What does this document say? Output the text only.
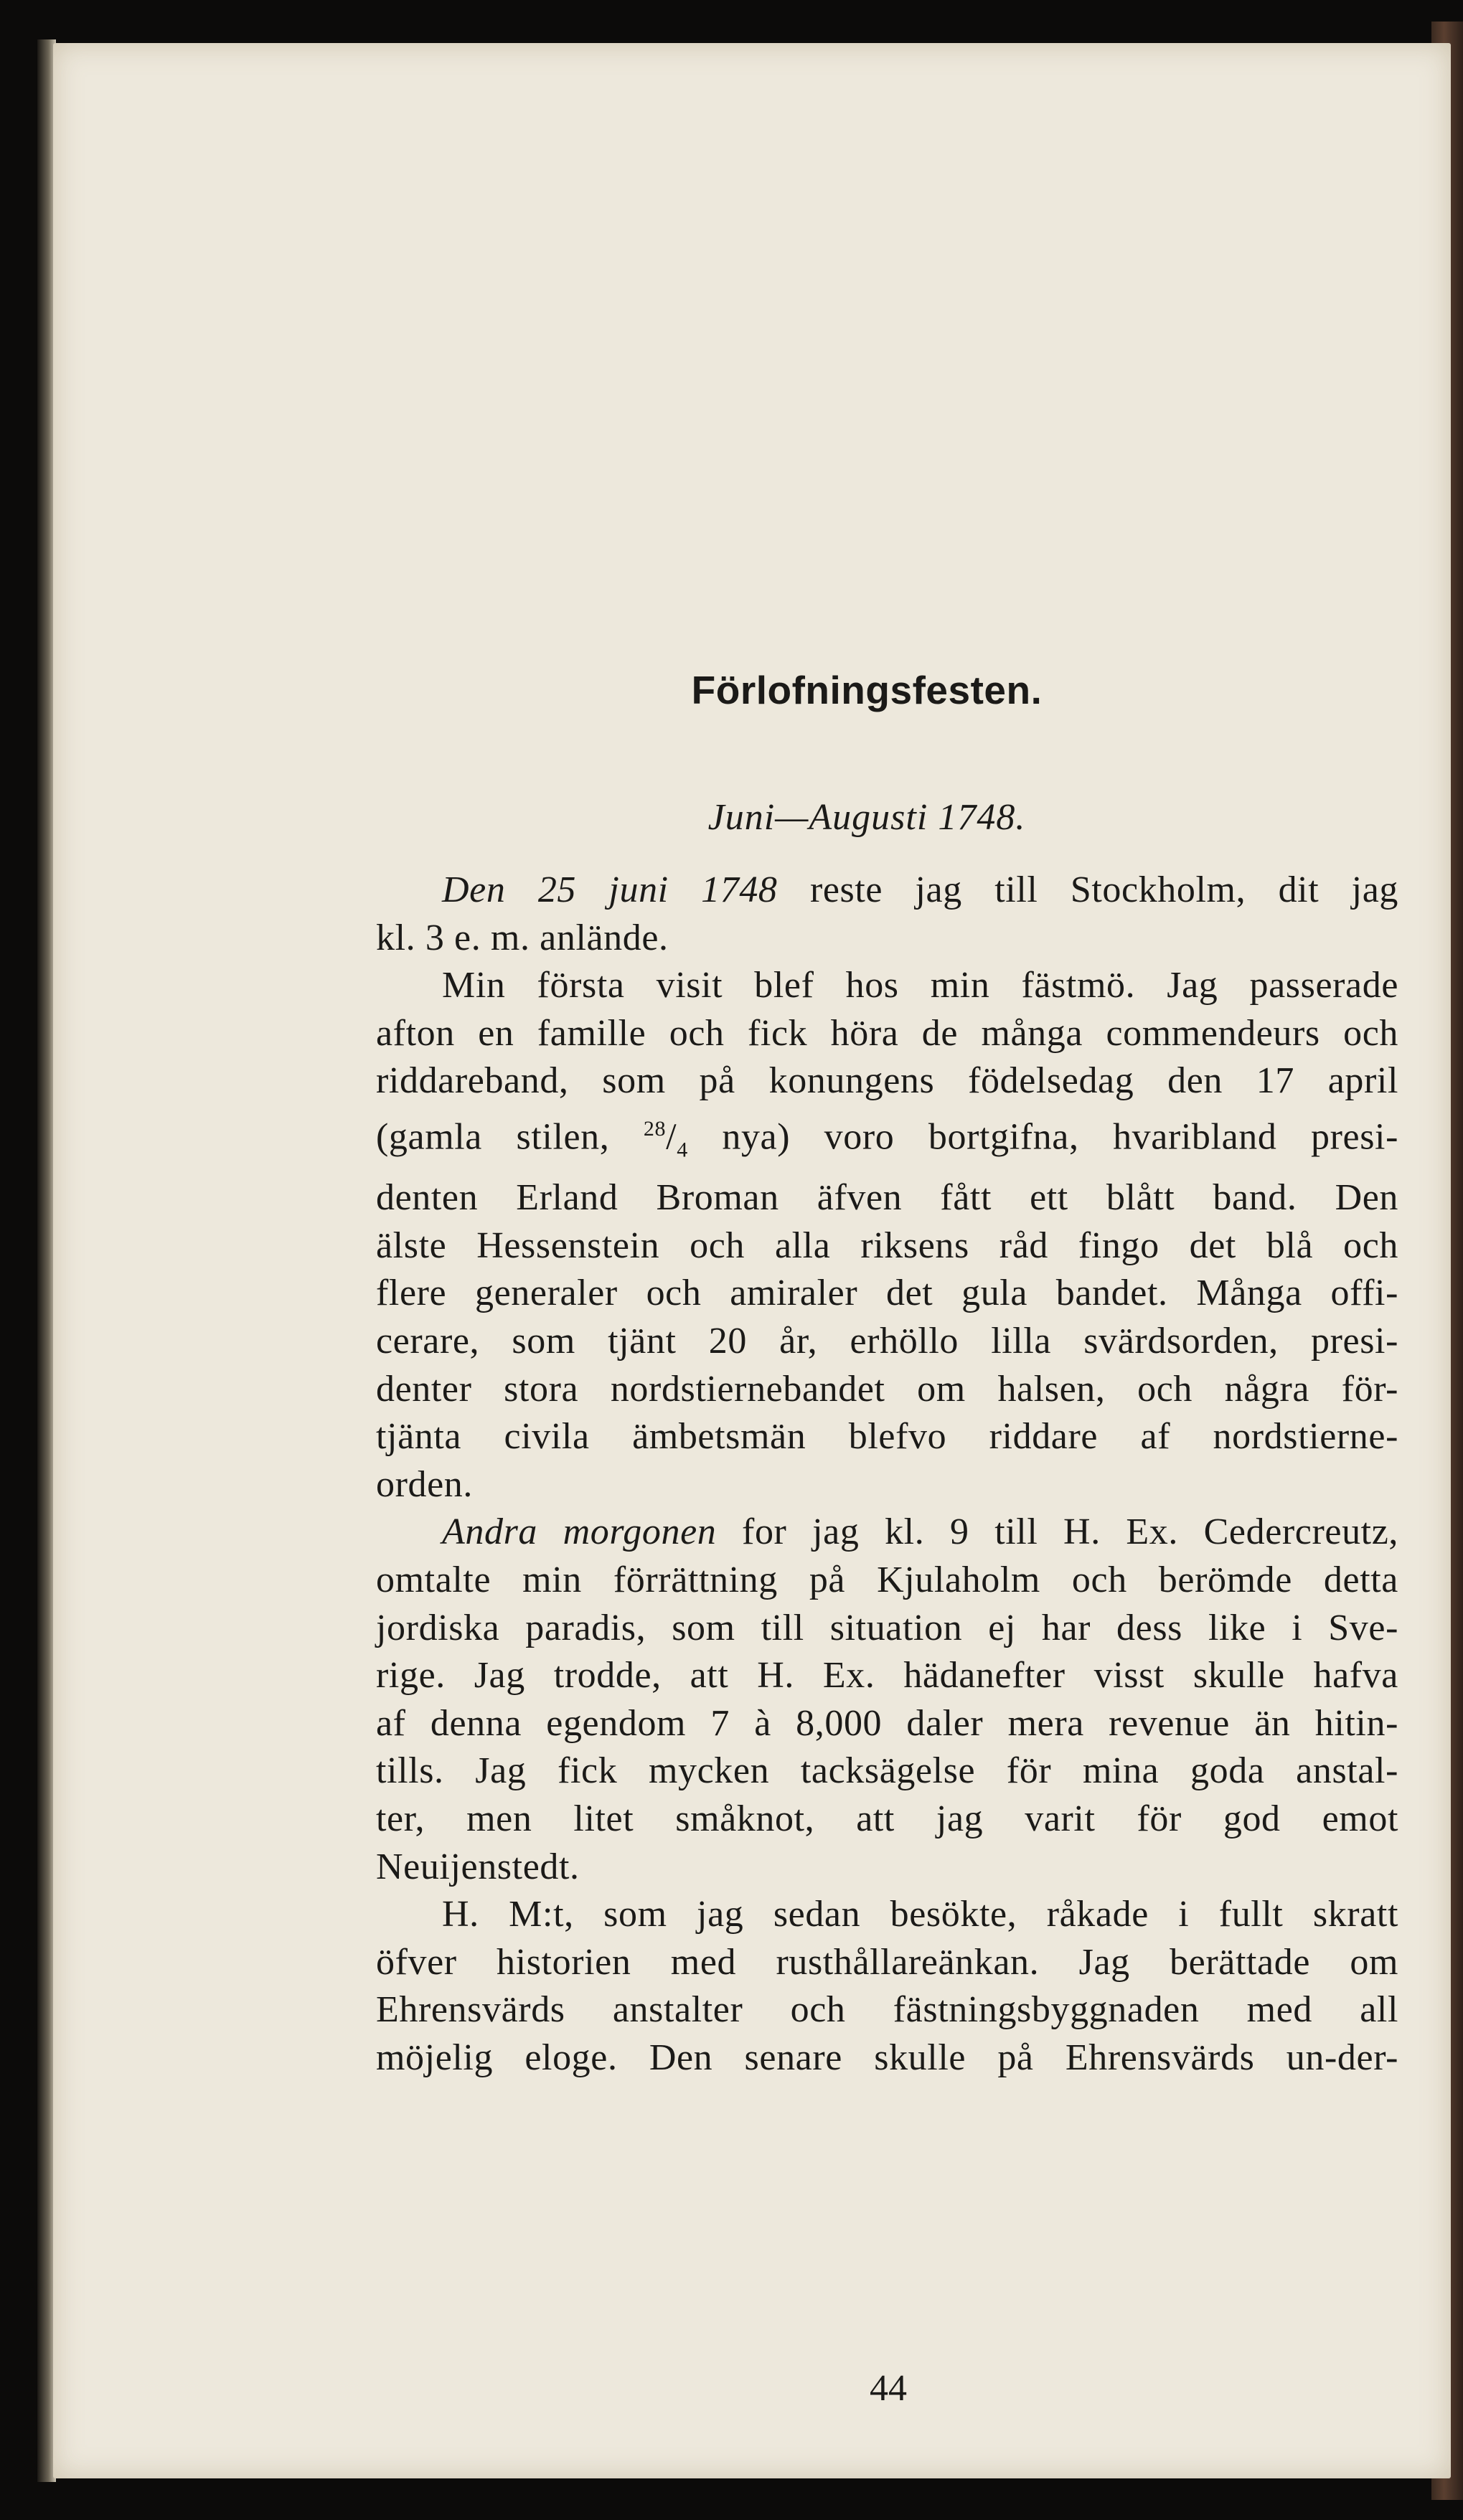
Förlofningsfesten.
Juni—Augusti 1748.
Den 25 juni 1748 reste jag till Stockholm, dit jag
kl. 3 e. m. anlände.
Min första visit blef hos min fästmö. Jag passerade
afton en famille och fick höra de många commendeurs och
riddareband, som på konungens födelsedag den 17 april
(gamla stilen, $^{28}/_4$ nya) voro bortgifna, hvaribland presi-
denten Erland Broman äfven fått ett blått band. Den
älste Hessenstein och alla riksens råd fingo det blå och
flere generaler och amiraler det gula bandet. Många offi-
cerare, som tjänt 20 år, erhöllo lilla svärdsorden, presi-
denter stora nordstiernebandet om halsen, och några för-
tjänta civila ämbetsmän blefvo riddare af nordstierne-
orden.
Andra morgonen for jag kl. 9 till H. Ex. Cedercreutz,
omtalte min förrättning på Kjulaholm och berömde detta
jordiska paradis, som till situation ej har dess like i Sve-
rige. Jag trodde, att H. Ex. hädanefter visst skulle hafva
af denna egendom 7 à 8,000 daler mera revenue än hitin-
tills. Jag fick mycken tacksägelse för mina goda anstal-
ter, men litet småknot, att jag varit för god emot
Neuijenstedt.
H. M:t, som jag sedan besökte, råkade i fullt skratt
öfver historien med rusthållareänkan. Jag berättade om
Ehrensvärds anstalter och fästningsbyggnaden med all
möjelig eloge. Den senare skulle på Ehrensvärds un-der-
44
